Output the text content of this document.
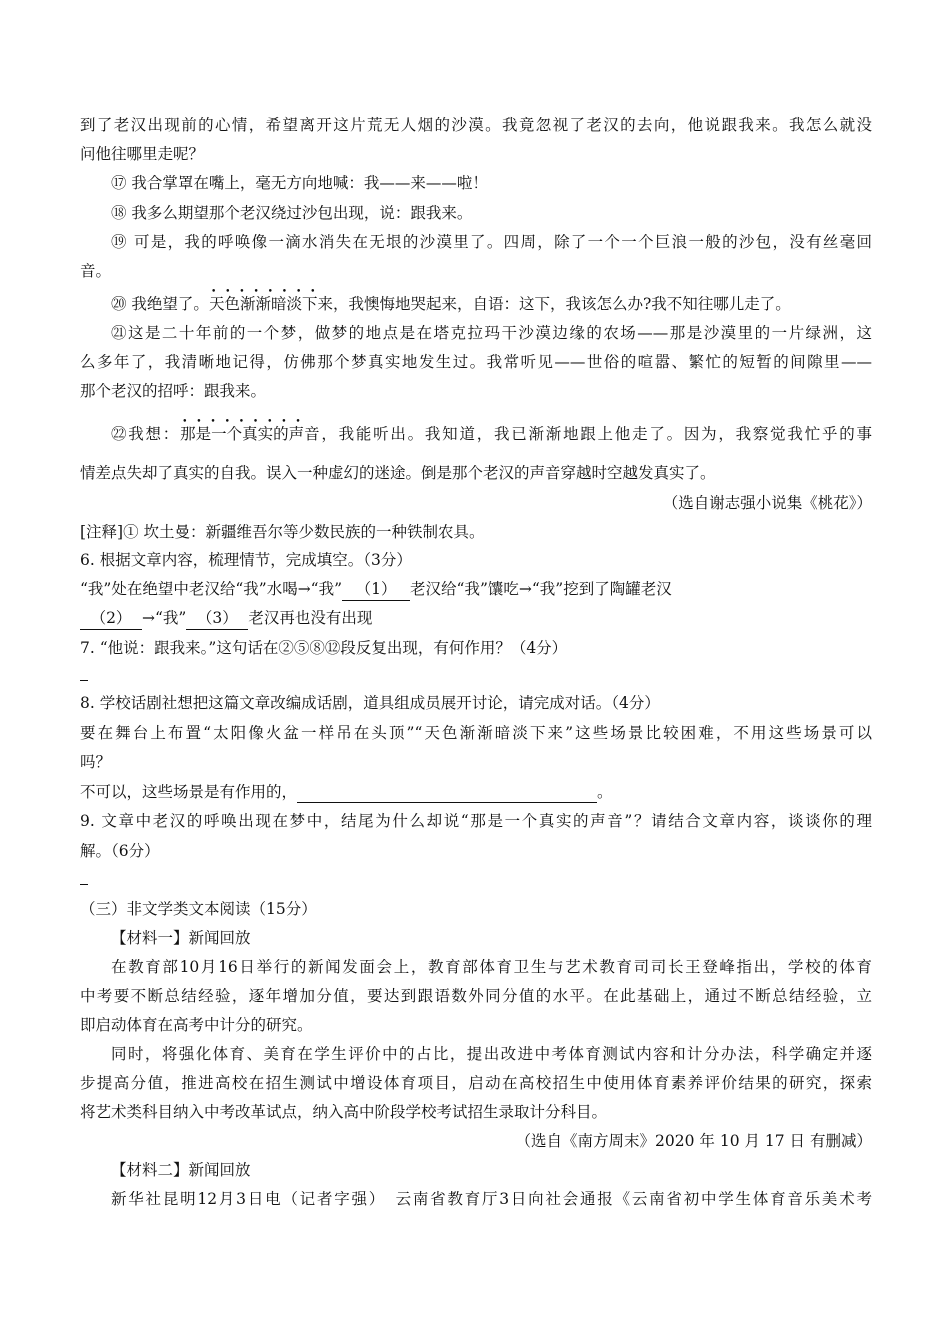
到了老汉出现前的心情，希望离开这片荒无人烟的沙漠。我竟忽视了老汉的去向，他说跟我来。我怎么就没
问他往哪里走呢？
⑰ 我合掌罩在嘴上，毫无方向地喊：我——来——啦！
⑱ 我多么期望那个老汉绕过沙包出现，说：跟我来。
⑲ 可是，我的呼唤像一滴水消失在无垠的沙漠里了。四周，除了一个一个巨浪一般的沙包，没有丝毫回
音。
⑳ 我绝望了。• • • 天色渐渐暗淡下来，我懊悔地哭起来，自语：这下，我该怎么办?我不知往哪儿走了。
㉑这是二十年前的一个梦，做梦的地点是在塔克拉玛干沙漠边缘的农场——那是沙漠里的一片绿洲，这
么多年了，我清晰地记得，仿佛那个梦真实地发生过。我常听见——世俗的喧嚣、繁忙的短暂的间隙里——
那个老汉的招呼：跟我来。
㉒我想：• • • 那是一个真实的声音，我能听出。我知道，我已渐渐地跟上他走了。因为，我察觉我忙乎的事
情差点失却了真实的自我。误入一种虚幻的迷途。倒是那个老汉的声音穿越时空越发真实了。
（选自谢志强小说集《桃花》）
[注释]① 坎土曼：新疆维吾尔等少数民族的一种铁制农具。
6. 根据文章内容，梳理情节，完成填空。（3分）
“我”处在绝望中老汉给“我”水喝→“我” （1） 老汉给“我”馕吃→“我”挖到了陶罐老汉
（2） →“我” （3） 老汉再也没有出现
7. “他说：跟我来。”这句话在②⑤⑧⑫段反复出现，有何作用？（4分）
8. 学校话剧社想把这篇文章改编成话剧，道具组成员展开讨论，请完成对话。（4分）
要在舞台上布置“太阳像火盆一样吊在头顶”“天色渐渐暗淡下来”这些场景比较困难，不用这些场景可以
吗？
不可以，这些场景是有作用的，	。
9. 文章中老汉的呼唤出现在梦中，结尾为什么却说“那是一个真实的声音”？请结合文章内容，谈谈你的理
解。（6分）
（三）非文学类文本阅读（15分）
【材料一】新闻回放
在教育部10月16日举行的新闻发面会上，教育部体育卫生与艺术教育司司长王登峰指出，学校的体育
中考要不断总结经验，逐年增加分值，要达到跟语数外同分值的水平。在此基础上，通过不断总结经验，立
即启动体育在高考中计分的研究。
同时，将强化体育、美育在学生评价中的占比，提出改进中考体育测试内容和计分办法，科学确定并逐
步提高分值，推进高校在招生测试中增设体育项目，启动在高校招生中使用体育素养评价结果的研究，探索
将艺术类科目纳入中考改革试点，纳入高中阶段学校考试招生录取计分科目。
（选自《南方周末》2020 年 10 月 17 日 有删减）
【材料二】新闻回放
新华社昆明12月3日电（记者字强）　云南省教育厅3日向社会通报《云南省初中学生体育音乐美术考
